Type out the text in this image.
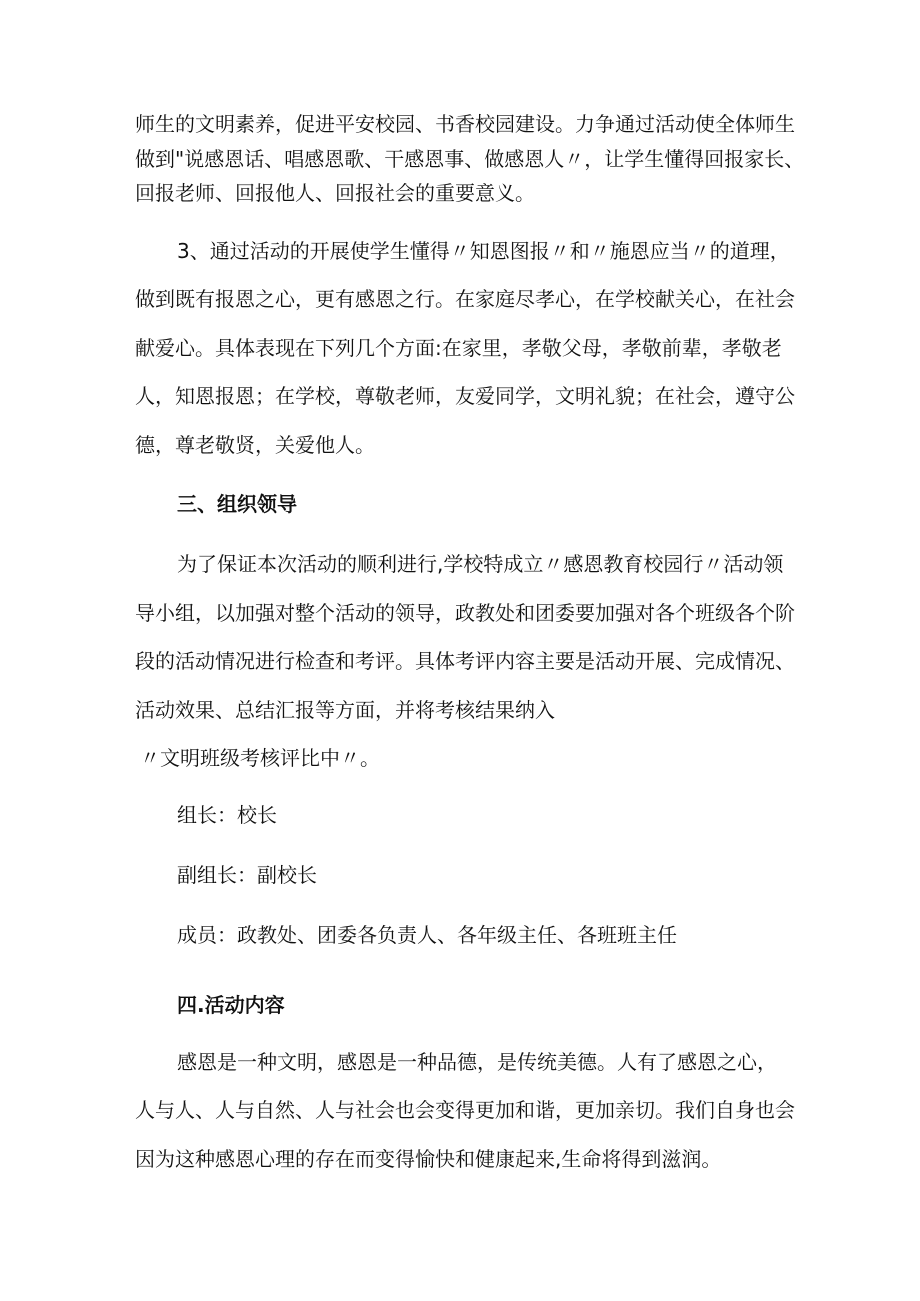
师生的文明素养，促进平安校园、书香校园建设。力争通过活动使全体师生

做到"说感恩话、唱感恩歌、干感恩事、做感恩人〃，让学生懂得回报家长、

回报老师、回报他人、回报社会的重要意义。

3、通过活动的开展使学生懂得〃知恩图报〃和〃施恩应当〃的道理，

做到既有报恩之心，更有感恩之行。在家庭尽孝心，在学校献关心，在社会

献爱心。具体表现在下列几个方面:在家里，孝敬父母，孝敬前辈，孝敬老

人，知恩报恩；在学校，尊敬老师，友爱同学，文明礼貌；在社会，遵守公

德，尊老敬贤，关爱他人。

三、组织领导

为了保证本次活动的顺利进行,学校特成立〃感恩教育校园行〃活动领

导小组，以加强对整个活动的领导，政教处和团委要加强对各个班级各个阶

段的活动情况进行检查和考评。具体考评内容主要是活动开展、完成情况、

活动效果、总结汇报等方面，并将考核结果纳入

〃文明班级考核评比中〃。

组长：校长

副组长：副校长

成员：政教处、团委各负责人、各年级主任、各班班主任

四.活动内容

感恩是一种文明，感恩是一种品德，是传统美德。人有了感恩之心，

人与人、人与自然、人与社会也会变得更加和谐，更加亲切。我们自身也会

因为这种感恩心理的存在而变得愉快和健康起来,生命将得到滋润。
